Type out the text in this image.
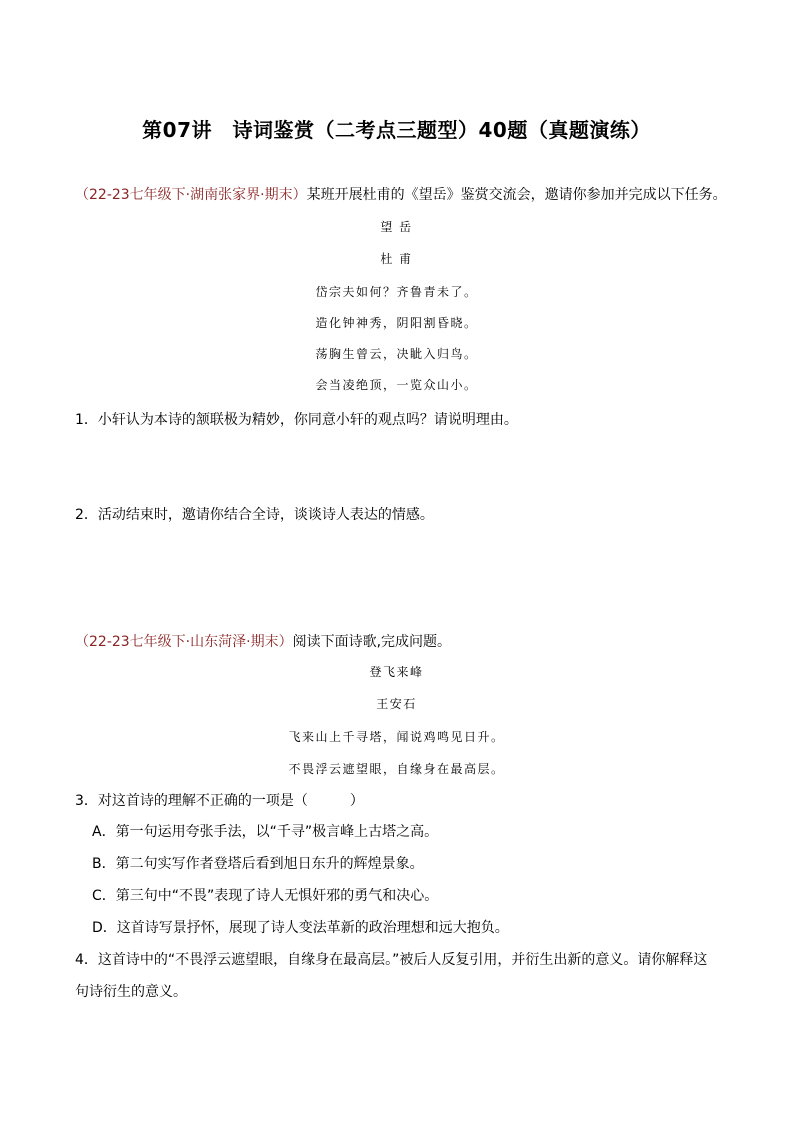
第07讲　诗词鉴赏（二考点三题型）40题（真题演练）
（22-23七年级下·湖南张家界·期末）某班开展杜甫的《望岳》鉴赏交流会，邀请你参加并完成以下任务。
望 岳
杜 甫
岱宗夫如何？齐鲁青未了。
造化钟神秀，阴阳割昏晓。
荡胸生曾云，决眦入归鸟。
会当凌绝顶，一览众山小。
1．小轩认为本诗的颔联极为精妙，你同意小轩的观点吗？请说明理由。
2．活动结束时，邀请你结合全诗，谈谈诗人表达的情感。
（22-23七年级下·山东菏泽·期末）阅读下面诗歌,完成问题。
登飞来峰
王安石
飞来山上千寻塔，闻说鸡鸣见日升。
不畏浮云遮望眼，自缘身在最高层。
3．对这首诗的理解不正确的一项是（　　　）
A．第一句运用夸张手法，以“千寻”极言峰上古塔之高。
B．第二句实写作者登塔后看到旭日东升的辉煌景象。
C．第三句中“不畏”表现了诗人无惧奸邪的勇气和决心。
D．这首诗写景抒怀，展现了诗人变法革新的政治理想和远大抱负。
4．这首诗中的“不畏浮云遮望眼，自缘身在最高层。”被后人反复引用，并衍生出新的意义。请你解释这
句诗衍生的意义。
